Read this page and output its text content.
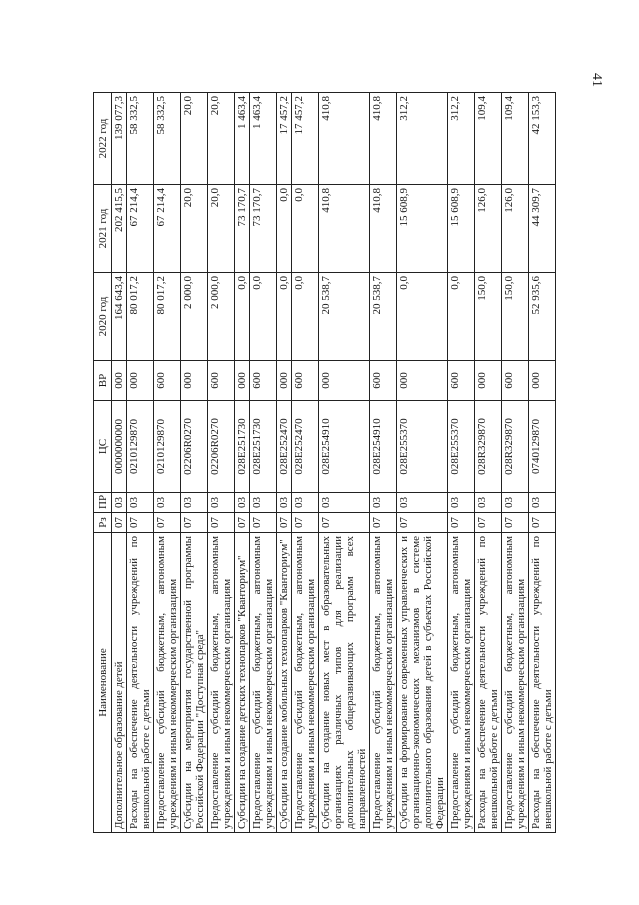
41
Наименование	Рз	ПР	ЦС	ВР	2020 год	2021 год	2022 год
Дополнительное образование детей	07	03	0000000000	000	164 643,4	202 415,5	139 077,3
Расходы на обеспечение деятельности учреждений по внешкольной работе с детьми	07	03	0210129870	000	80 017,2	67 214,4	58 332,5
Предоставление субсидий бюджетным, автономным учреждениям и иным некоммерческим организациям	07	03	0210129870	600	80 017,2	67 214,4	58 332,5
Субсидии на мероприятия государственной программы Российской Федерации "Доступная среда"	07	03	02206R0270	000	2 000,0	20,0	20,0
Предоставление субсидий бюджетным, автономным учреждениям и иным некоммерческим организациям	07	03	02206R0270	600	2 000,0	20,0	20,0
Субсидии на создание детских технопарков "Кванториум"	07	03	028E251730	000	0,0	73 170,7	1 463,4
Предоставление субсидий бюджетным, автономным учреждениям и иным некоммерческим организациям	07	03	028E251730	600	0,0	73 170,7	1 463,4
Субсидии на создание мобильных технопарков "Кванториум"	07	03	028E252470	000	0,0	0,0	17 457,2
Предоставление субсидий бюджетным, автономным учреждениям и иным некоммерческим организациям	07	03	028E252470	600	0,0	0,0	17 457,2
Субсидии на создание новых мест в образовательных организациях различных типов для реализации дополнительных общеразвивающих программ всех направленностей	07	03	028E254910	000	20 538,7	410,8	410,8
Предоставление субсидий бюджетным, автономным учреждениям и иным некоммерческим организациям	07	03	028E254910	600	20 538,7	410,8	410,8
Субсидии на формирование современных управленческих и организационно-экономических механизмов в системе дополнительного образования детей в субъектах Российской Федерации	07	03	028E255370	000	0,0	15 608,9	312,2
Предоставление субсидий бюджетным, автономным учреждениям и иным некоммерческим организациям	07	03	028E255370	600	0,0	15 608,9	312,2
Расходы на обеспечение деятельности учреждений по внешкольной работе с детьми	07	03	028R329870	000	150,0	126,0	109,4
Предоставление субсидий бюджетным, автономным учреждениям и иным некоммерческим организациям	07	03	028R329870	600	150,0	126,0	109,4
Расходы на обеспечение деятельности учреждений по внешкольной работе с детьми	07	03	0740129870	000	52 935,6	44 309,7	42 153,3
